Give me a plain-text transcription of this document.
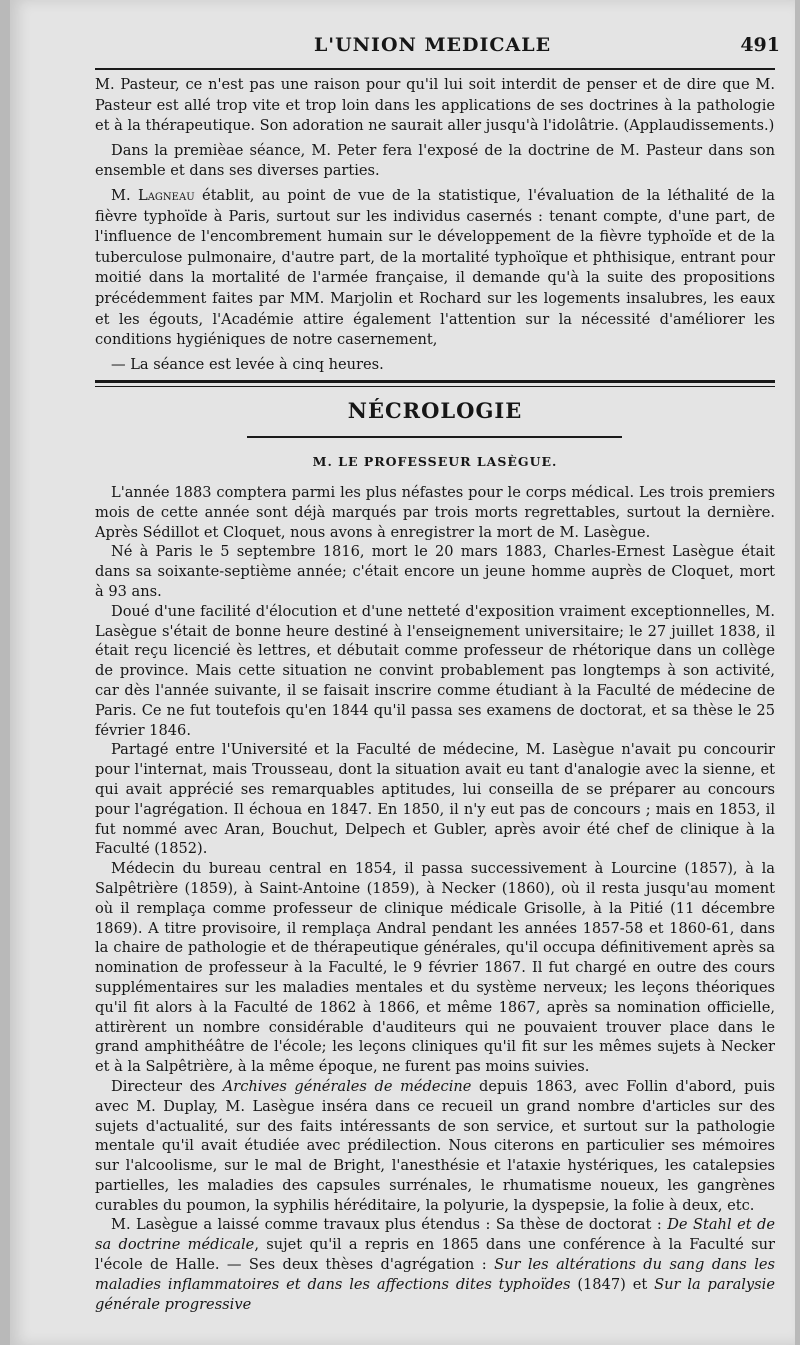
L'UNION MEDICALE	491

M. Pasteur, ce n'est pas une raison pour qu'il lui soit interdit de penser et de dire que M. Pasteur est allé trop vite et trop loin dans les applications de ses doctrines à la pathologie et à la thérapeutique. Son adoration ne saurait aller jusqu'à l'idolâtrie. (Applaudissements.)

Dans la premièae séance, M. Peter fera l'exposé de la doctrine de M. Pasteur dans son ensemble et dans ses diverses parties.

M. Lagneau établit, au point de vue de la statistique, l'évaluation de la léthalité de la fièvre typhoïde à Paris, surtout sur les individus casernés : tenant compte, d'une part, de l'influence de l'encombrement humain sur le développement de la fièvre typhoïde et de la tuberculose pulmonaire, d'autre part, de la mortalité typhoïque et phthisique, entrant pour moitié dans la mortalité de l'armée française, il demande qu'à la suite des propositions précédemment faites par MM. Marjolin et Rochard sur les logements insalubres, les eaux et les égouts, l'Académie attire également l'attention sur la nécessité d'améliorer les conditions hygiéniques de notre casernement,

— La séance est levée à cinq heures.

NÉCROLOGIE
M. LE PROFESSEUR LASÈGUE.

L'année 1883 comptera parmi les plus néfastes pour le corps médical. Les trois premiers mois de cette année sont déjà marqués par trois morts regrettables, surtout la dernière. Après Sédillot et Cloquet, nous avons à enregistrer la mort de M. Lasègue.

Né à Paris le 5 septembre 1816, mort le 20 mars 1883, Charles-Ernest Lasègue était dans sa soixante-septième année; c'était encore un jeune homme auprès de Cloquet, mort à 93 ans.

Doué d'une facilité d'élocution et d'une netteté d'exposition vraiment exceptionnelles, M. Lasègue s'était de bonne heure destiné à l'enseignement universitaire; le 27 juillet 1838, il était reçu licencié ès lettres, et débutait comme professeur de rhétorique dans un collège de province. Mais cette situation ne convint probablement pas longtemps à son activité, car dès l'année suivante, il se faisait inscrire comme étudiant à la Faculté de médecine de Paris. Ce ne fut toutefois qu'en 1844 qu'il passa ses examens de doctorat, et sa thèse le 25 février 1846.

Partagé entre l'Université et la Faculté de médecine, M. Lasègue n'avait pu concourir pour l'internat, mais Trousseau, dont la situation avait eu tant d'analogie avec la sienne, et qui avait apprécié ses remarquables aptitudes, lui conseilla de se préparer au concours pour l'agrégation. Il échoua en 1847. En 1850, il n'y eut pas de concours ; mais en 1853, il fut nommé avec Aran, Bouchut, Delpech et Gubler, après avoir été chef de clinique à la Faculté (1852).

Médecin du bureau central en 1854, il passa successivement à Lourcine (1857), à la Salpêtrière (1859), à Saint-Antoine (1859), à Necker (1860), où il resta jusqu'au moment où il remplaça comme professeur de clinique médicale Grisolle, à la Pitié (11 décembre 1869). A titre provisoire, il remplaça Andral pendant les années 1857-58 et 1860-61, dans la chaire de pathologie et de thérapeutique générales, qu'il occupa définitivement après sa nomination de professeur à la Faculté, le 9 février 1867. Il fut chargé en outre des cours supplémentaires sur les maladies mentales et du système nerveux; les leçons théoriques qu'il fit alors à la Faculté de 1862 à 1866, et même 1867, après sa nomination officielle, attirèrent un nombre considérable d'auditeurs qui ne pouvaient trouver place dans le grand amphithéâtre de l'école; les leçons cliniques qu'il fit sur les mêmes sujets à Necker et à la Salpêtrière, à la même époque, ne furent pas moins suivies.

Directeur des Archives générales de médecine depuis 1863, avec Follin d'abord, puis avec M. Duplay, M. Lasègue inséra dans ce recueil un grand nombre d'articles sur des sujets d'actualité, sur des faits intéressants de son service, et surtout sur la pathologie mentale qu'il avait étudiée avec prédilection. Nous citerons en particulier ses mémoires sur l'alcoolisme, sur le mal de Bright, l'anesthésie et l'ataxie hystériques, les catalepsies partielles, les maladies des capsules surrénales, le rhumatisme noueux, les gangrènes curables du poumon, la syphilis héréditaire, la polyurie, la dyspepsie, la folie à deux, etc.

M. Lasègue a laissé comme travaux plus étendus : Sa thèse de doctorat : De Stahl et de sa doctrine médicale, sujet qu'il a repris en 1865 dans une conférence à la Faculté sur l'école de Halle. — Ses deux thèses d'agrégation : Sur les altérations du sang dans les maladies inflammatoires et dans les affections dites typhoïdes (1847) et Sur la paralysie générale progressive
